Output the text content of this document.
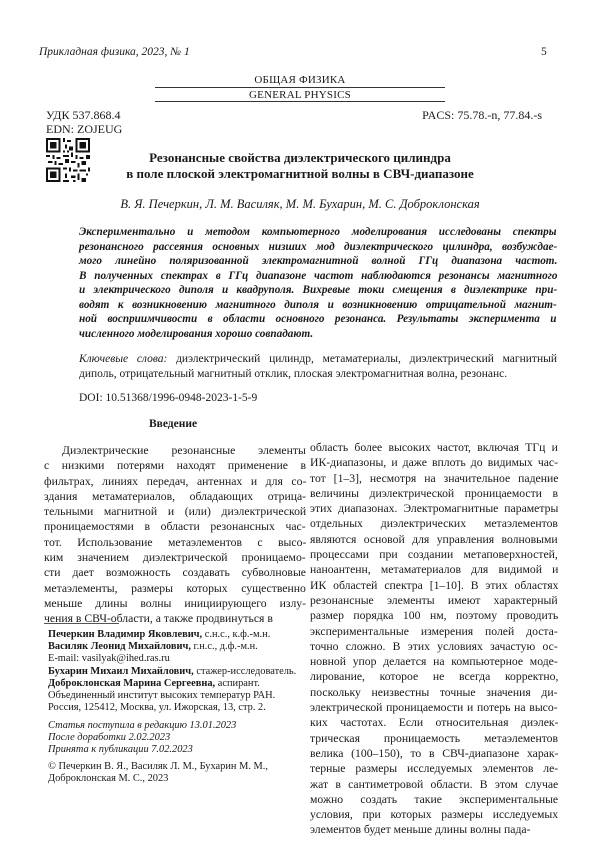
Прикладная физика, 2023, № 1	5
ОБЩАЯ ФИЗИКА
GENERAL PHYSICS
УДК 537.868.4
EDN: ZOJEUG
PACS: 75.78.-n, 77.84.-s
Резонансные свойства диэлектрического цилиндра
в поле плоской электромагнитной волны в СВЧ-диапазоне
В. Я. Печеркин, Л. М. Василяк, М. М. Бухарин, М. С. Доброклонская
Экспериментально и методом компьютерного моделирования исследованы спектры
резонансного рассеяния основных низших мод диэлектрического цилиндра, возбуждае-
мого линейно поляризованной электромагнитной волной ГГц диапазона частот.
В полученных спектрах в ГГц диапазоне частот наблюдаются резонансы магнитного
и электрического диполя и квадруполя. Вихревые токи смещения в диэлектрике при-
водят к возникновению магнитного диполя и возникновению отрицательной магнит-
ной восприимчивости в области основного резонанса. Результаты эксперимента и
численного моделирования хорошо совпадают.
Ключевые слова: диэлектрический цилиндр, метаматериалы, диэлектрический магнитный диполь, отрицательный магнитный отклик, плоская электромагнитная волна, резонанс.
DOI: 10.51368/1996-0948-2023-1-5-9
Введение
Диэлектрические резонансные элементы
с низкими потерями находят применение в
фильтрах, линиях передач, антеннах и для со-
здания метаматериалов, обладающих отрица-
тельными магнитной и (или) диэлектрической
проницаемостями в области резонансных час-
тот. Использование метаэлементов с высо-
ким значением диэлектрической проницаемо-
сти дает возможность создавать субволновые
метаэлементы, размеры которых существенно
меньше длины волны инициирующего излу-
чения в СВЧ-области, а также продвинуться в
область более высоких частот, включая ТГц и
ИК-диапазоны, и даже вплоть до видимых час-
тот [1–3], несмотря на значительное падение
величины диэлектрической проницаемости в
этих диапазонах. Электромагнитные параметры
отдельных диэлектрических метаэлементов
являются основой для управления волновыми
процессами при создании метаповерхностей,
наноантенн, метаматериалов для видимой и
ИК областей спектра [1–10]. В этих областях
резонансные элементы имеют характерный
размер порядка 100 нм, поэтому проводить
экспериментальные измерения полей доста-
точно сложно. В этих условиях зачастую ос-
новной упор делается на компьютерное моде-
лирование, которое не всегда корректно,
поскольку неизвестны точные значения ди-
электрической проницаемости и потерь на высо-
ких частотах. Если относительная диэлек-
трическая проницаемость метаэлементов
велика (100–150), то в СВЧ-диапазоне харак-
терные размеры исследуемых элементов ле-
жат в сантиметровой области. В этом случае
можно создать такие экспериментальные
условия, при которых размеры исследуемых
элементов будет меньше длины волны пада-
Печеркин Владимир Яковлевич, с.н.с., к.ф.-м.н.
Василяк Леонид Михайлович, г.н.с., д.ф.-м.н.
E-mail: vasilyak@ihed.ras.ru
Бухарин Михаил Михайлович, стажер-исследователь.
Доброклонская Марина Сергеевна, аспирант.
Объединенный институт высоких температур РАН.
Россия, 125412, Москва, ул. Ижорская, 13, стр. 2.
Статья поступила в редакцию 13.01.2023
После доработки 2.02.2023
Принята к публикации 7.02.2023
© Печеркин В. Я., Василяк Л. М., Бухарин М. М., Доброклонская М. С., 2023
